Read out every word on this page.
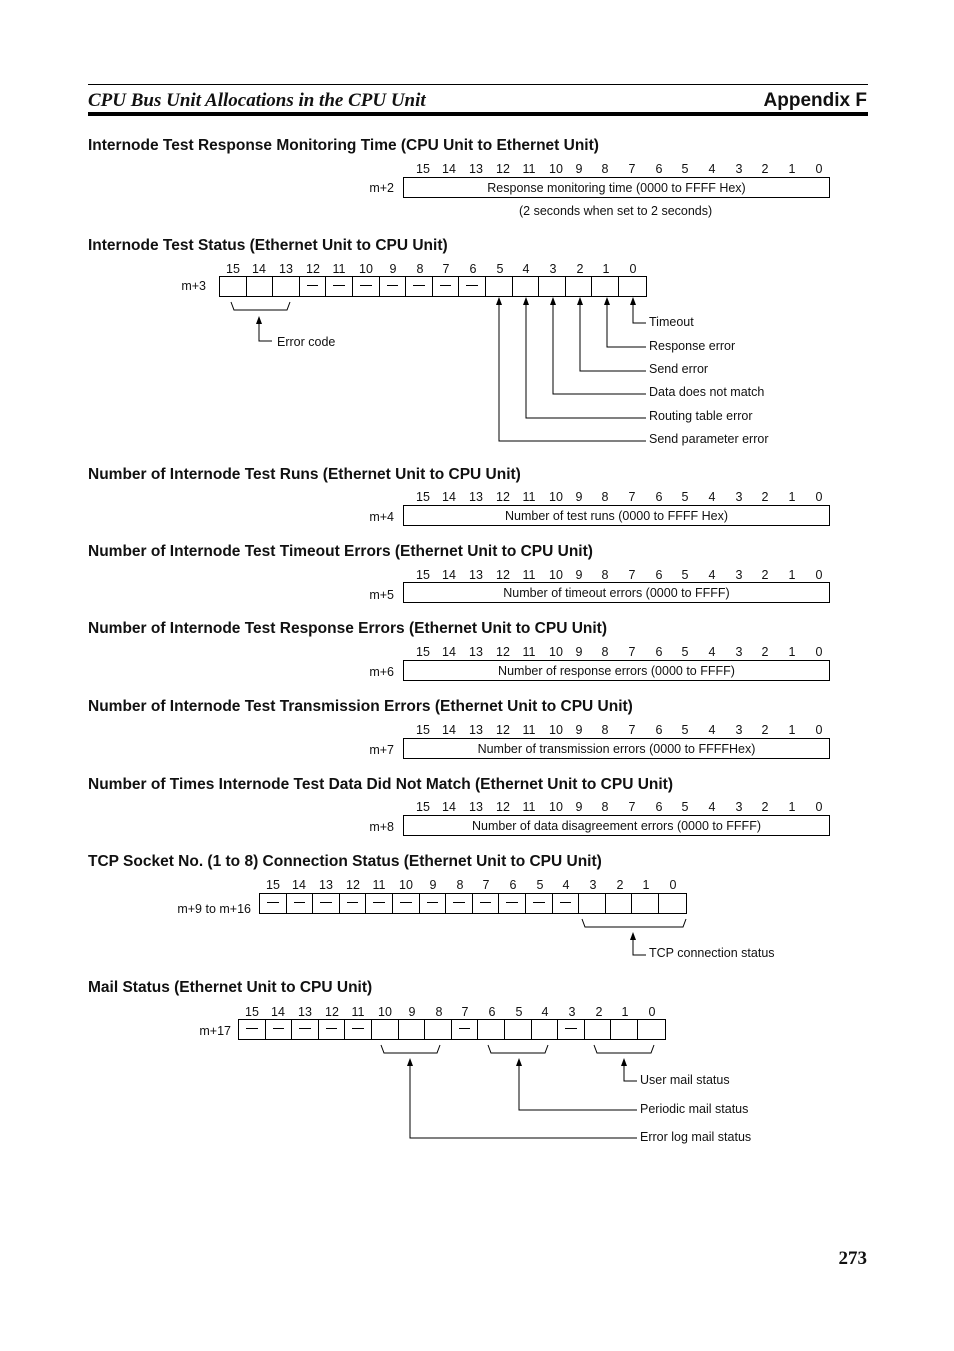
CPU Bus Unit Allocations in the CPU Unit	Appendix F
Internode Test Response Monitoring Time (CPU Unit to Ethernet Unit)
15 14 13 12 11 10 9 8 7 6 5 4 3 2 1 0
m+2	Response monitoring time (0000 to FFFF Hex)
(2 seconds when set to 2 seconds)
Internode Test Status (Ethernet Unit to CPU Unit)
15 14 13 12 11 10 9 8 7 6 5 4 3 2 1 0
m+3
Error code
Timeout
Response error
Send error
Data does not match
Routing table error
Send parameter error
Number of Internode Test Runs (Ethernet Unit to CPU Unit)
15 14 13 12 11 10 9 8 7 6 5 4 3 2 1 0
m+4	Number of test runs (0000 to FFFF Hex)
Number of Internode Test Timeout Errors (Ethernet Unit to CPU Unit)
15 14 13 12 11 10 9 8 7 6 5 4 3 2 1 0
m+5	Number of timeout errors (0000 to FFFF)
Number of Internode Test Response Errors (Ethernet Unit to CPU Unit)
15 14 13 12 11 10 9 8 7 6 5 4 3 2 1 0
m+6	Number of response errors (0000 to FFFF)
Number of Internode Test Transmission Errors (Ethernet Unit to CPU Unit)
15 14 13 12 11 10 9 8 7 6 5 4 3 2 1 0
m+7	Number of transmission errors (0000 to FFFFHex)
Number of Times Internode Test Data Did Not Match (Ethernet Unit to CPU Unit)
15 14 13 12 11 10 9 8 7 6 5 4 3 2 1 0
m+8	Number of data disagreement errors (0000 to FFFF)
TCP Socket No. (1 to 8) Connection Status (Ethernet Unit to CPU Unit)
15 14 13 12 11 10 9 8 7 6 5 4 3 2 1 0
m+9 to m+16
TCP connection status
Mail Status (Ethernet Unit to CPU Unit)
15 14 13 12 11 10 9 8 7 6 5 4 3 2 1 0
m+17
User mail status
Periodic mail status
Error log mail status
273
